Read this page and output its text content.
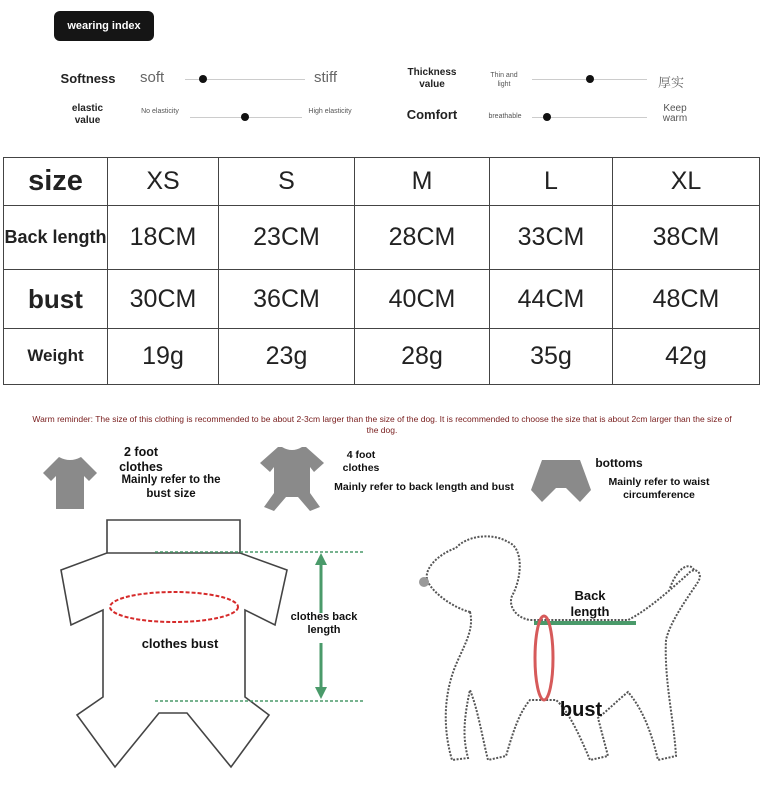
wearing index
Softness	soft	stiff	Thickness value
Thin and light	厚实
elastic value
No elasticity	High elasticity	Comfort	breathable
Keep warm
size	XS	S	M	L	XL
Back length	18CM	23CM	28CM	33CM	38CM
bust	30CM	36CM	40CM	44CM	48CM
Weight	19g	23g	28g	35g	42g
Warm reminder: The size of this clothing is recommended to be about 2-3cm larger than the size of the dog. It is recommended to choose the size that is about 2cm larger than the size of the dog.
2 foot clothes
Mainly refer to the bust size
4 foot clothes
Mainly refer to back length and bust
bottoms
Mainly refer to waist circumference
clothes bust
clothes back length
Back length
bust
